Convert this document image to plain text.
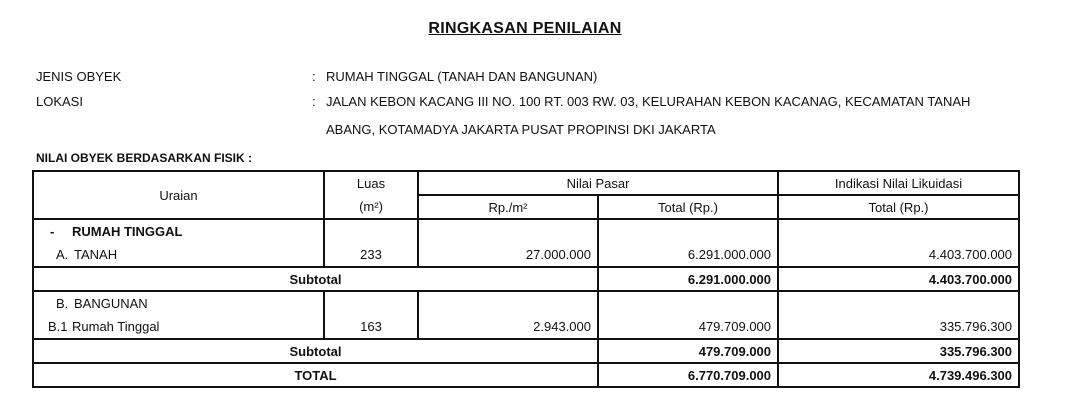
RINGKASAN PENILAIAN
JENIS OBYEK	: RUMAH TINGGAL (TANAH DAN BANGUNAN)
LOKASI	: JALAN KEBON KACANG III NO. 100 RT. 003 RW. 03, KELURAHAN KEBON KACANAG, KECAMATAN TANAH
ABANG, KOTAMADYA JAKARTA PUSAT PROPINSI DKI JAKARTA
NILAI OBYEK BERDASARKAN FISIK :
Uraian	Luas	Nilai Pasar		Indikasi Nilai Likuidasi
	(m²)	Rp./m²	Total (Rp.)	Total (Rp.)
- RUMAH TINGGAL				
A. TANAH	233	27.000.000	6.291.000.000	4.403.700.000
Subtotal			6.291.000.000	4.403.700.000
B. BANGUNAN				
B.1 Rumah Tinggal	163	2.943.000	479.709.000	335.796.300
Subtotal			479.709.000	335.796.300
TOTAL			6.770.709.000	4.739.496.300
